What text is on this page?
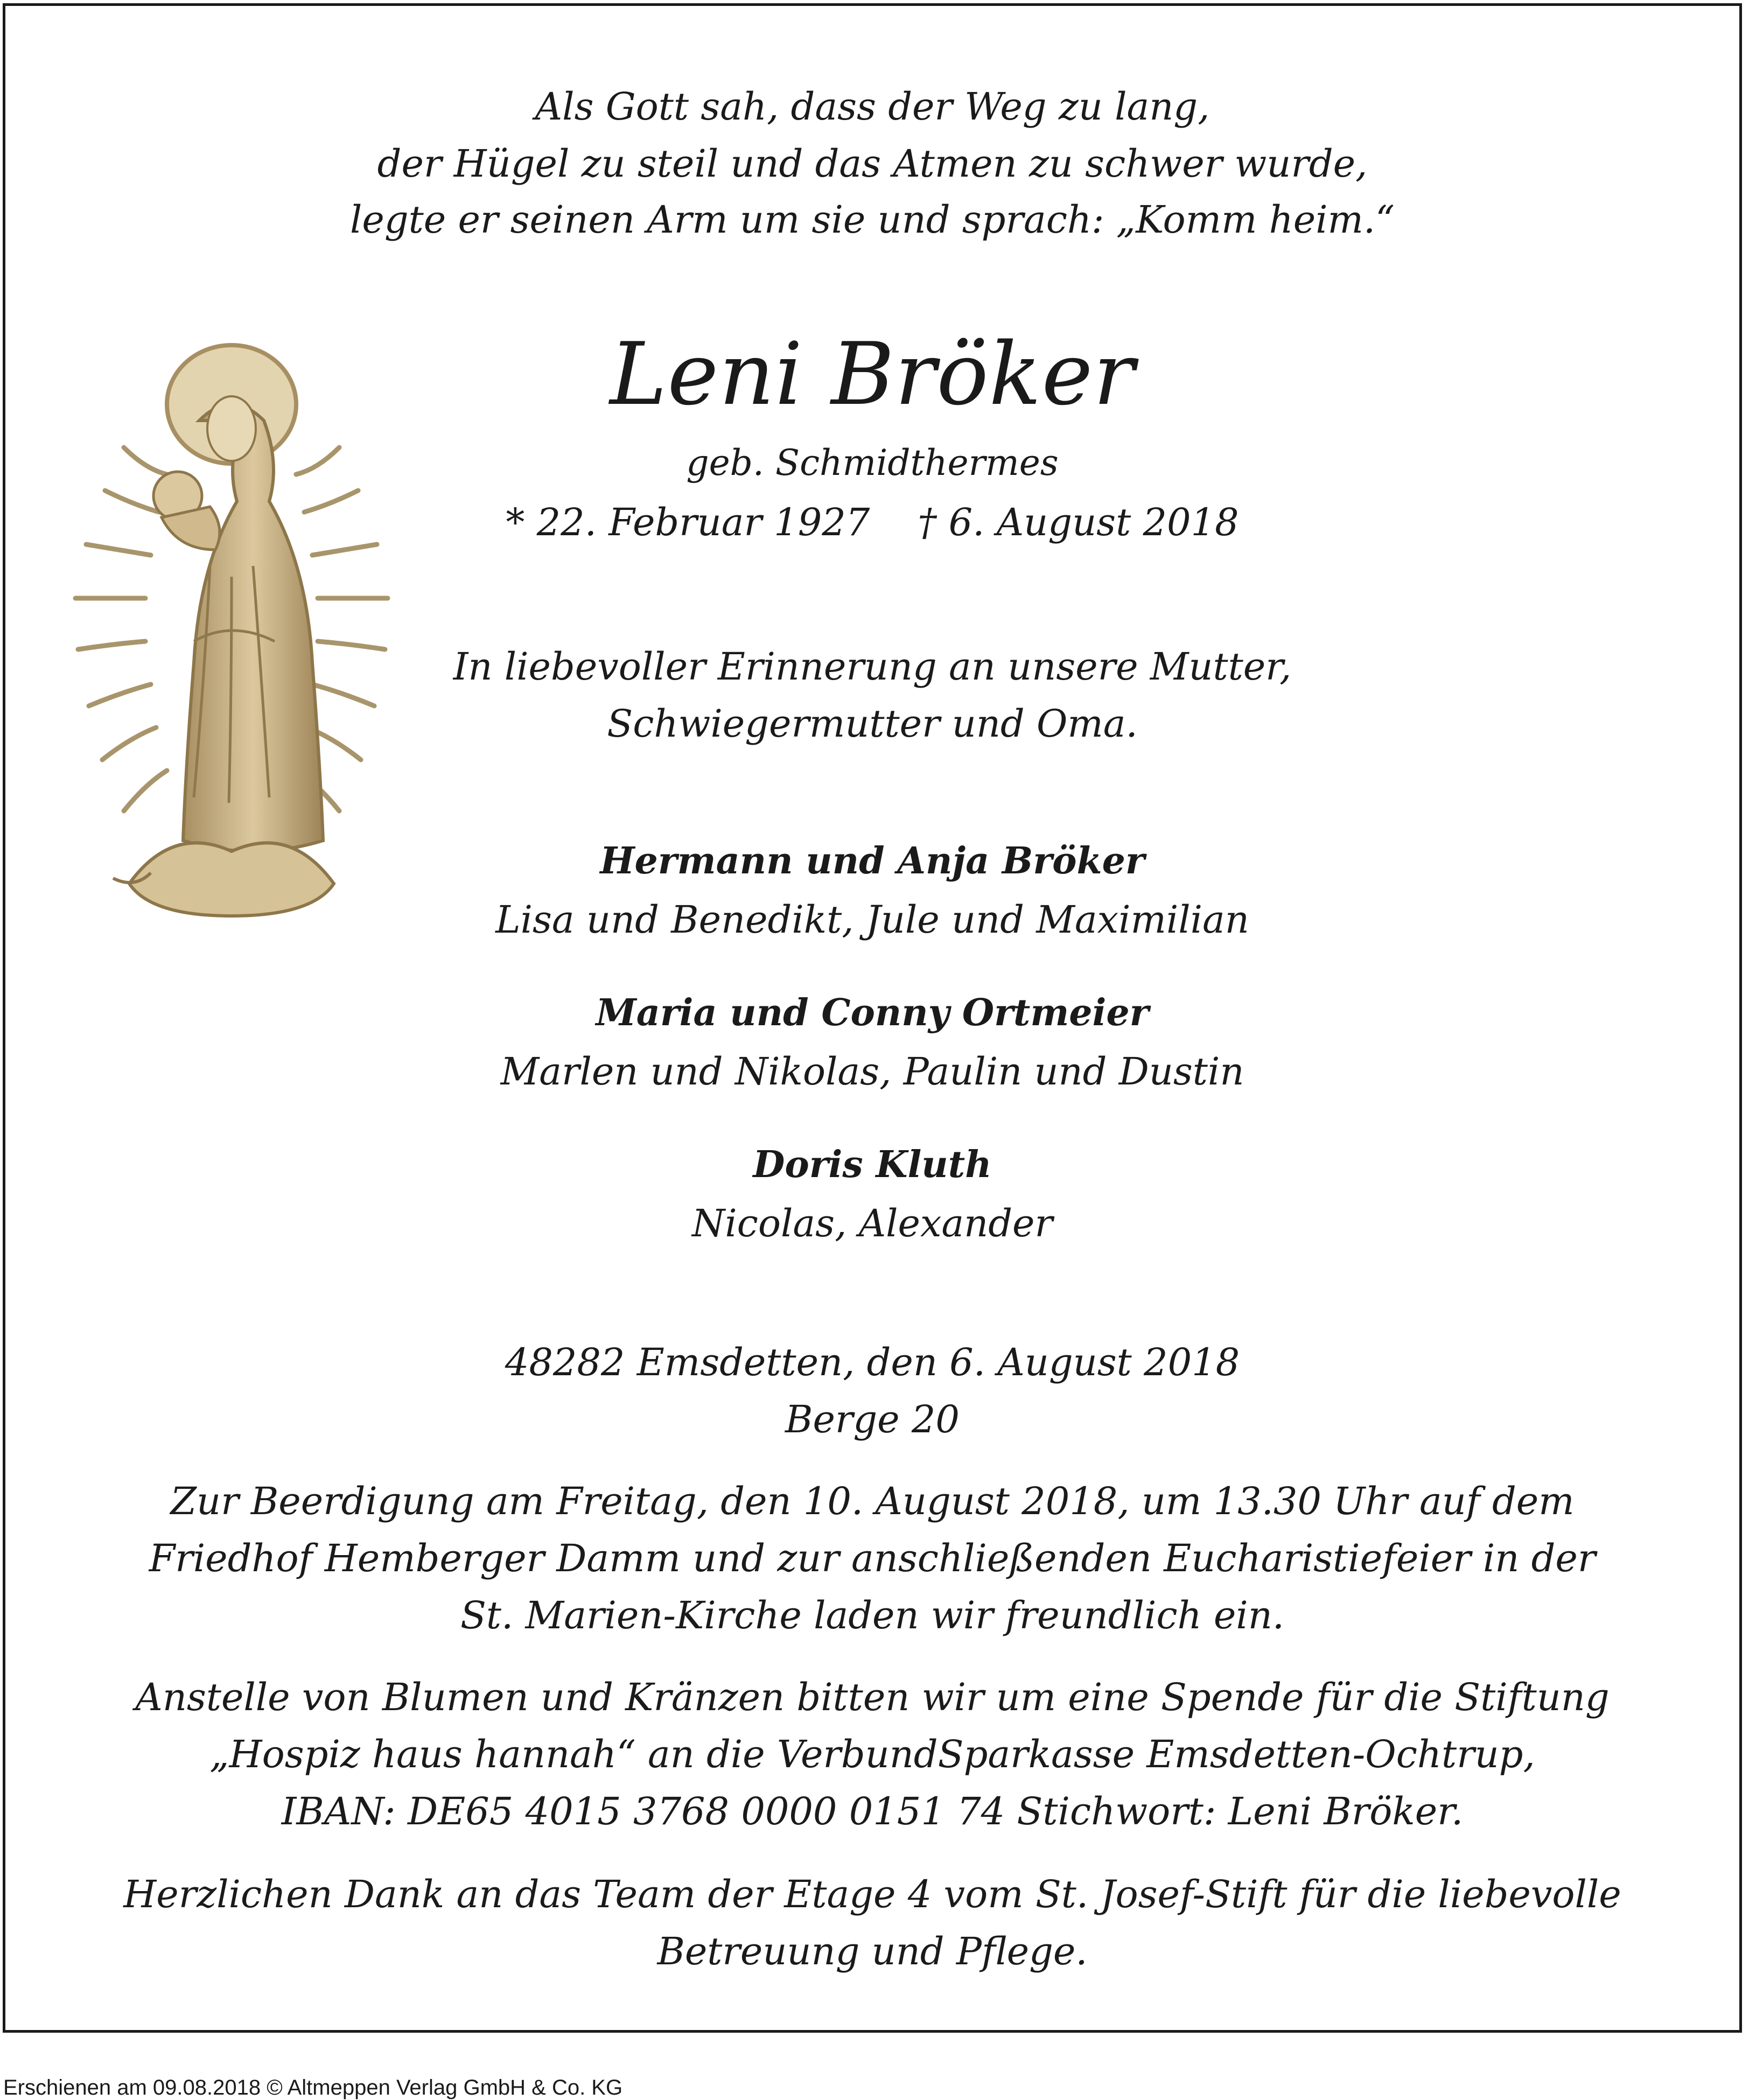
Als Gott sah, dass der Weg zu lang,
der Hügel zu steil und das Atmen zu schwer wurde,
legte er seinen Arm um sie und sprach: „Komm heim.“
Leni Bröker
geb. Schmidthermes
* 22. Februar 1927    † 6. August 2018
In liebevoller Erinnerung an unsere Mutter,
Schwiegermutter und Oma.
Hermann und Anja Bröker
Lisa und Benedikt, Jule und Maximilian
Maria und Conny Ortmeier
Marlen und Nikolas, Paulin und Dustin
Doris Kluth
Nicolas, Alexander
48282 Emsdetten, den 6. August 2018
Berge 20
Zur Beerdigung am Freitag, den 10. August 2018, um 13.30 Uhr auf dem
Friedhof Hemberger Damm und zur anschließenden Eucharistiefeier in der
St. Marien-Kirche laden wir freundlich ein.
Anstelle von Blumen und Kränzen bitten wir um eine Spende für die Stiftung
„Hospiz haus hannah“ an die VerbundSparkasse Emsdetten-Ochtrup,
IBAN: DE65 4015 3768 0000 0151 74 Stichwort: Leni Bröker.
Herzlichen Dank an das Team der Etage 4 vom St. Josef-Stift für die liebevolle
Betreuung und Pflege.
Erschienen am 09.08.2018 © Altmeppen Verlag GmbH & Co. KG
